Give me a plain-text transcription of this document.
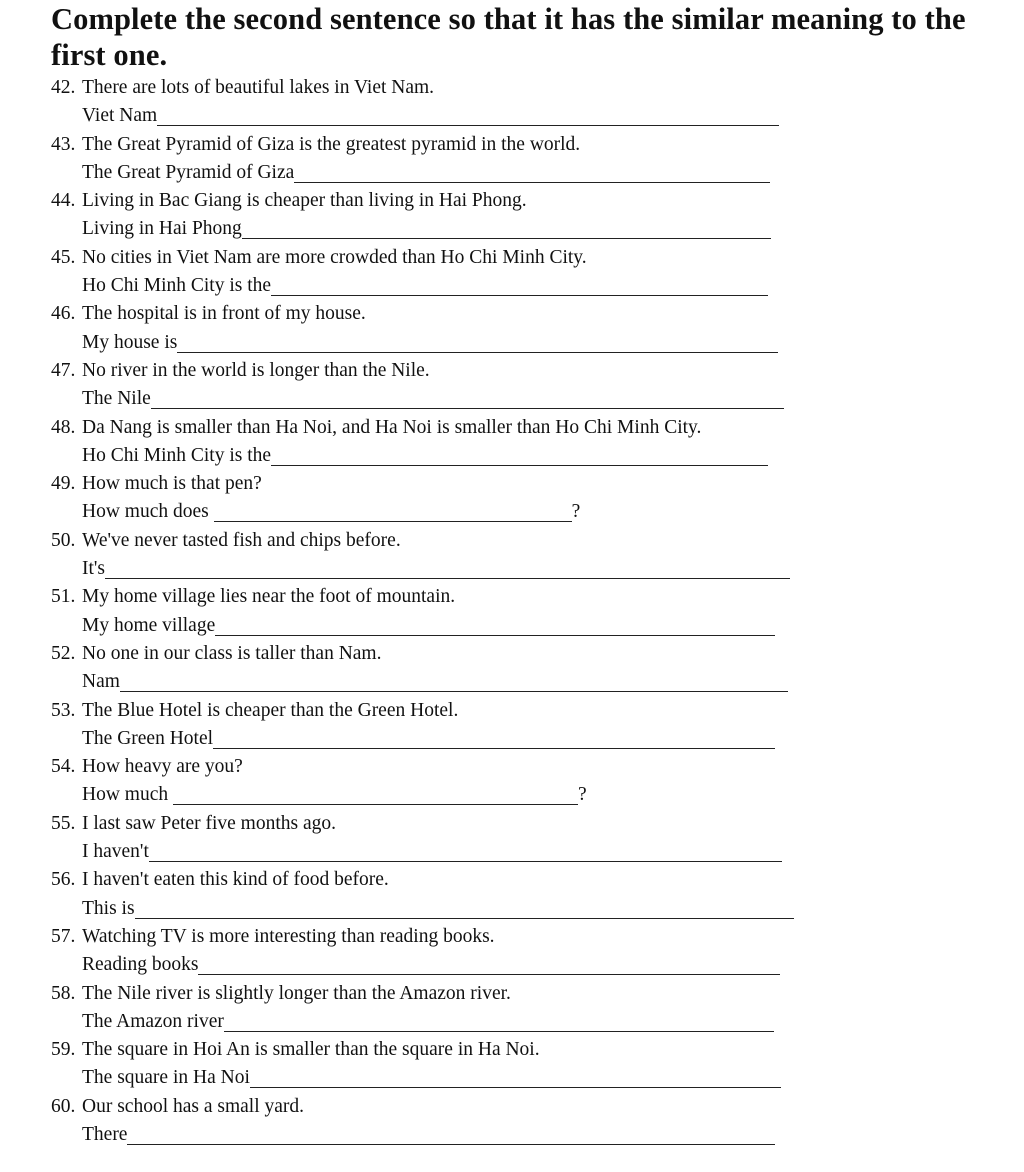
Complete the second sentence so that it has the similar meaning to the first one.
42. There are lots of beautiful lakes in Viet Nam.
Viet Nam
43. The Great Pyramid of Giza is the greatest pyramid in the world.
The Great Pyramid of Giza
44. Living in Bac Giang is cheaper than living in Hai Phong.
Living in Hai Phong
45. No cities in Viet Nam are more crowded than Ho Chi Minh City.
Ho Chi Minh City is the
46. The hospital is in front of my house.
My house is
47. No river in the world is longer than the Nile.
The Nile
48. Da Nang is smaller than Ha Noi, and Ha Noi is smaller than Ho Chi Minh City.
Ho Chi Minh City is the
49. How much is that pen?
How much does	?
50. We've never tasted fish and chips before.
It's
51. My home village lies near the foot of mountain.
My home village
52. No one in our class is taller than Nam.
Nam
53. The Blue Hotel is cheaper than the Green Hotel.
The Green Hotel
54. How heavy are you?
How much	?
55. I last saw Peter five months ago.
I haven't
56. I haven't eaten this kind of food before.
This is
57. Watching TV is more interesting than reading books.
Reading books
58. The Nile river is slightly longer than the Amazon river.
The Amazon river
59. The square in Hoi An is smaller than the square in Ha Noi.
The square in Ha Noi
60. Our school has a small yard.
There
